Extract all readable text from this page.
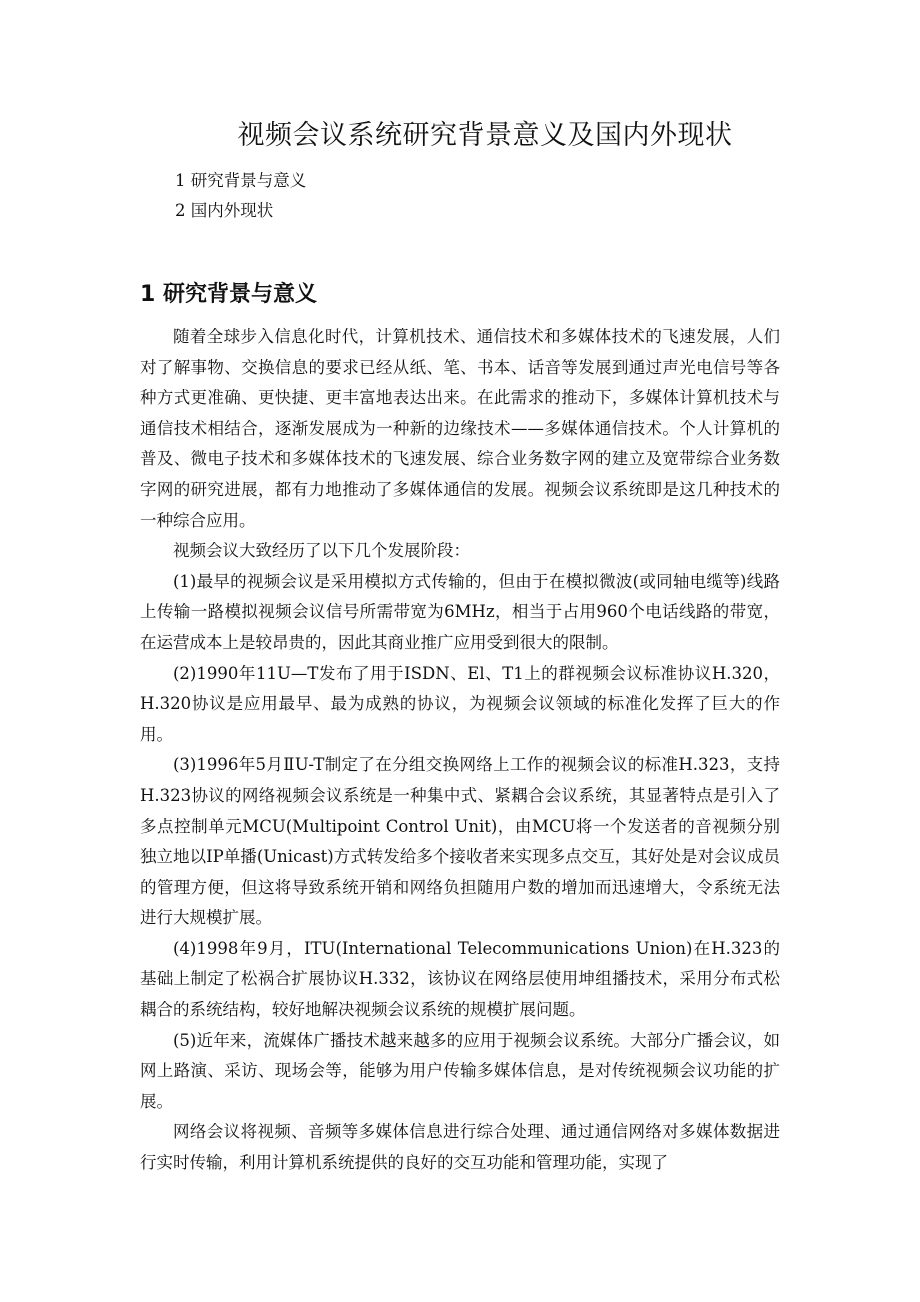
视频会议系统研究背景意义及国内外现状
1 研究背景与意义
2 国内外现状
1 研究背景与意义

随着全球步入信息化时代，计算机技术、通信技术和多媒体技术的飞速发展，人们对了解事物、交换信息的要求已经从纸、笔、书本、话音等发展到通过声光电信号等各种方式更准确、更快捷、更丰富地表达出来。在此需求的推动下，多媒体计算机技术与通信技术相结合，逐渐发展成为一种新的边缘技术——多媒体通信技术。个人计算机的普及、微电子技术和多媒体技术的飞速发展、综合业务数字网的建立及宽带综合业务数字网的研究进展，都有力地推动了多媒体通信的发展。视频会议系统即是这几种技术的一种综合应用。

视频会议大致经历了以下几个发展阶段：

(1)最早的视频会议是采用模拟方式传输的，但由于在模拟微波(或同轴电缆等)线路上传输一路模拟视频会议信号所需带宽为6MHz，相当于占用960个电话线路的带宽，在运营成本上是较昂贵的，因此其商业推广应用受到很大的限制。

(2)1990年11U—T发布了用于ISDN、El、T1上的群视频会议标准协议H.320，H.320协议是应用最早、最为成熟的协议，为视频会议领域的标准化发挥了巨大的作用。

(3)1996年5月ⅡU-T制定了在分组交换网络上工作的视频会议的标准H.323，支持H.323协议的网络视频会议系统是一种集中式、紧耦合会议系统，其显著特点是引入了多点控制单元MCU(Multipoint Control Unit)，由MCU将一个发送者的音视频分别独立地以IP单播(Unicast)方式转发给多个接收者来实现多点交互，其好处是对会议成员的管理方便，但这将导致系统开销和网络负担随用户数的增加而迅速增大，令系统无法进行大规模扩展。

(4)1998年9月，ITU(International Telecommunications Union)在H.323的基础上制定了松祸合扩展协议H.332，该协议在网络层使用坤组播技术，采用分布式松耦合的系统结构，较好地解决视频会议系统的规模扩展问题。

(5)近年来，流媒体广播技术越来越多的应用于视频会议系统。大部分广播会议，如网上路演、采访、现场会等，能够为用户传输多媒体信息，是对传统视频会议功能的扩展。

网络会议将视频、音频等多媒体信息进行综合处理、通过通信网络对多媒体数据进行实时传输，利用计算机系统提供的良好的交互功能和管理功能，实现了
